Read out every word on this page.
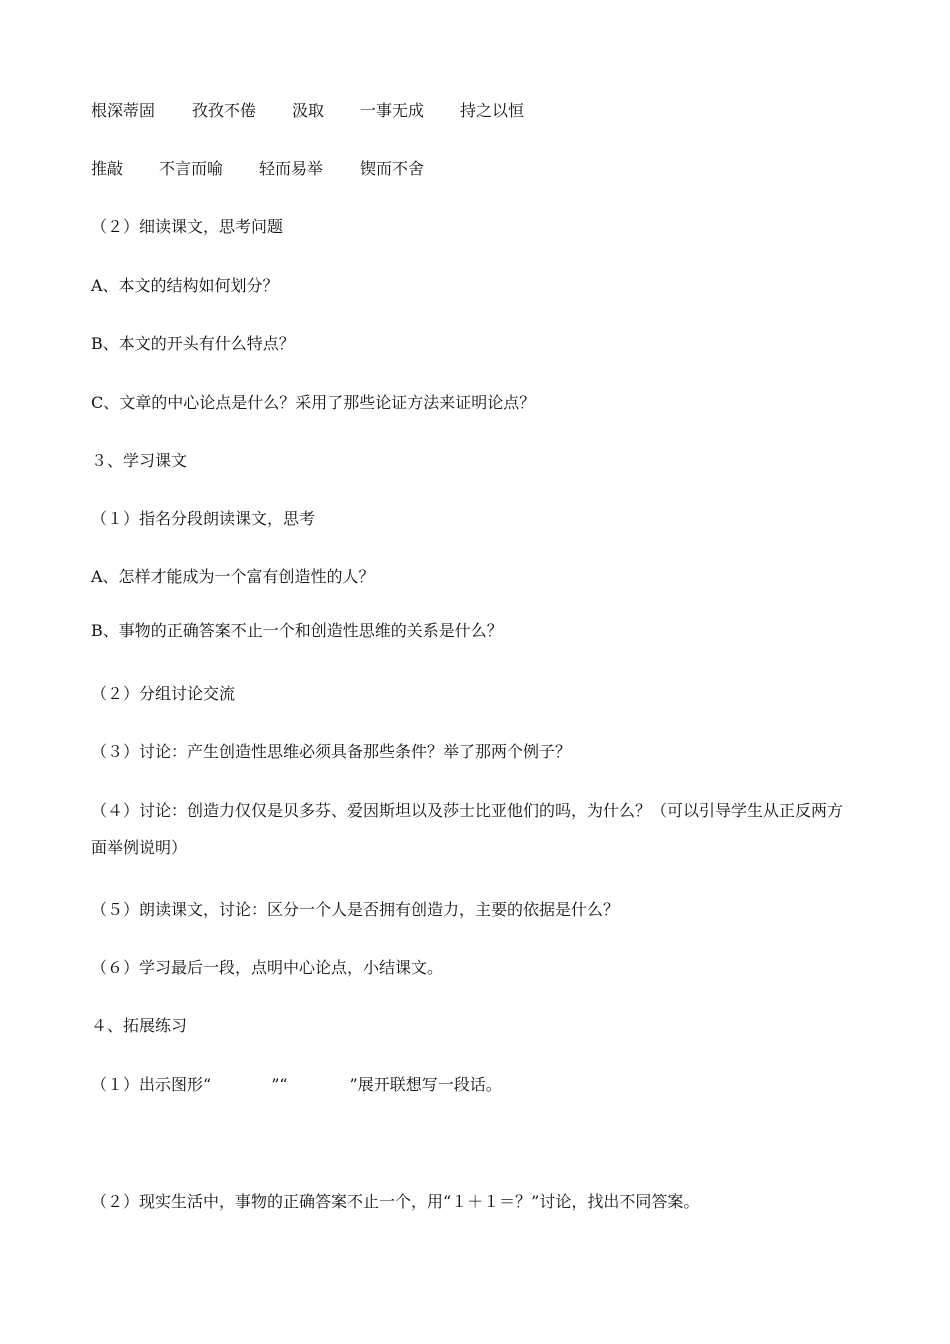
根深蒂固	孜孜不倦	汲取	一事无成	持之以恒
推敲	不言而喻	轻而易举	锲而不舍
（２）细读课文，思考问题
A、本文的结构如何划分？
B、本文的开头有什么特点？
C、文章的中心论点是什么？采用了那些论证方法来证明论点？
３、学习课文
（１）指名分段朗读课文，思考
A、怎样才能成为一个富有创造性的人？
B、事物的正确答案不止一个和创造性思维的关系是什么？
（２）分组讨论交流
（３）讨论：产生创造性思维必须具备那些条件？举了那两个例子？
（４）讨论：创造力仅仅是贝多芬、爱因斯坦以及莎士比亚他们的吗，为什么？（可以引导学生从正反两方面举例说明）
（５）朗读课文，讨论：区分一个人是否拥有创造力，主要的依据是什么？
（６）学习最后一段，点明中心论点，小结课文。
４、拓展练习
（１）出示图形“	”“	”展开联想写一段话。
（２）现实生活中，事物的正确答案不止一个，用“１＋１＝？”讨论，找出不同答案。
